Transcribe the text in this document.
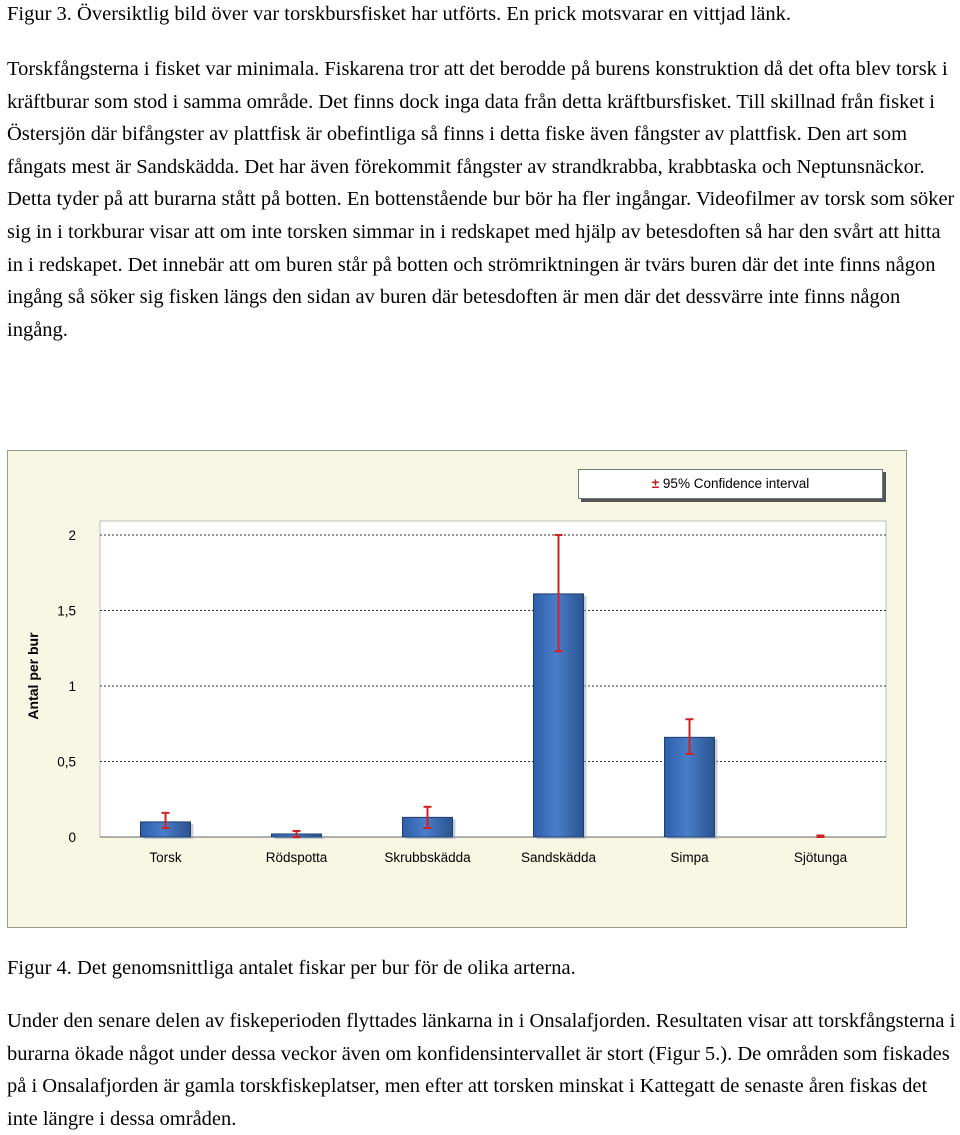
Figur 3. Översiktlig bild över var torskbursfisket har utförts. En prick motsvarar en vittjad länk.

Torskfångsterna i fisket var minimala. Fiskarena tror att det berodde på burens konstruktion då det ofta blev torsk i kräftburar som stod i samma område. Det finns dock inga data från detta kräftbursfisket. Till skillnad från fisket i Östersjön där bifångster av plattfisk är obefintliga så finns i detta fiske även fångster av plattfisk. Den art som fångats mest är Sandskädda. Det har även förekommit fångster av strandkrabba, krabbtaska och Neptunsnäckor. Detta tyder på att burarna stått på botten. En bottenstående bur bör ha fler ingångar. Videofilmer av torsk som söker sig in i torkburar visar att om inte torsken simmar in i redskapet med hjälp av betesdoften så har den svårt att hitta in i redskapet. Det innebär att om buren står på botten och strömriktningen är tvärs buren där det inte finns någon ingång så söker sig fisken längs den sidan av buren där betesdoften är men där det dessvärre inte finns någon ingång.

0
0,5
1
1,5
2
Torsk	Rödspotta	Skrubbskädda	Sandskädda	Simpa	Sjötunga
± 95% Confidence interval
Antal per bur

Figur 4. Det genomsnittliga antalet fiskar per bur för de olika arterna.

Under den senare delen av fiskeperioden flyttades länkarna in i Onsalafjorden. Resultaten visar att torskfångsterna i burarna ökade något under dessa veckor även om konfidensintervallet är stort (Figur 5.). De områden som fiskades på i Onsalafjorden är gamla torskfiskeplatser, men efter att torsken minskat i Kattegatt de senaste åren fiskas det inte längre i dessa områden.
